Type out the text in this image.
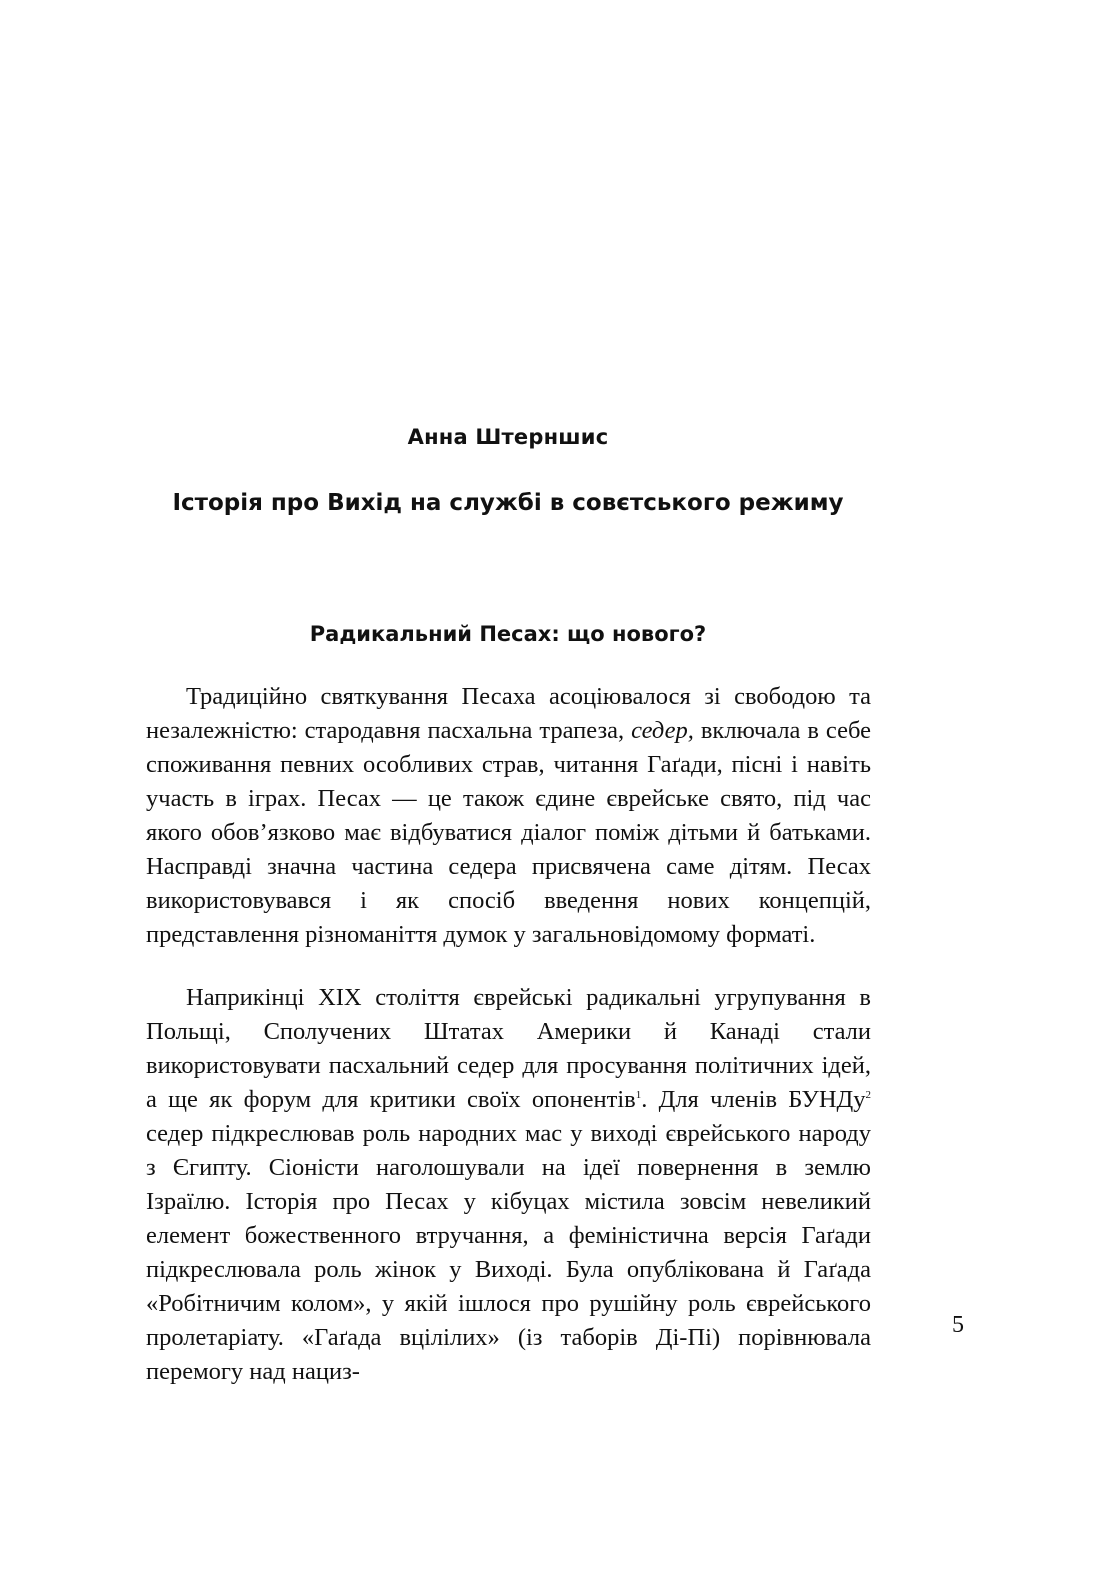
Анна Штерншис
Історія про Вихід на службі в совєтського режиму
Радикальний Песах: що нового?

Традиційно святкування Песаха асоціювалося зі свободою та незалежністю: стародавня пасхальна трапеза, седер, включала в себе споживання певних особливих страв, читання Гаґади, пісні і навіть участь в іграх. Песах — це також єдине єврейське свято, під час якого обов’язково має відбуватися діалог поміж дітьми й батьками. Насправді значна частина седера присвячена саме дітям. Песах використовувався і як спосіб введення нових концепцій, представлення різноманіття думок у загальновідомому форматі.

Наприкінці XIX століття єврейські радикальні угрупування в Польщі, Сполучених Штатах Америки й Канаді стали використовувати пасхальний седер для просування політичних ідей, а ще як форум для критики своїх опонентів$^1$. Для членів БУНДу$^2$ седер підкреслював роль народних мас у виході єврейського народу з Єгипту. Сіоністи наголошували на ідеї повернення в землю Ізраїлю. Історія про Песах у кібуцах містила зовсім невеликий елемент божественного втручання, а феміністична версія Гаґади підкреслювала роль жінок у Виході. Була опублікована й Гаґада «Робітничим колом», у якій ішлося про рушійну роль єврейського пролетаріату. «Гаґада вцілілих» (із таборів Ді-Пі) порівнювала перемогу над нациз-

5
